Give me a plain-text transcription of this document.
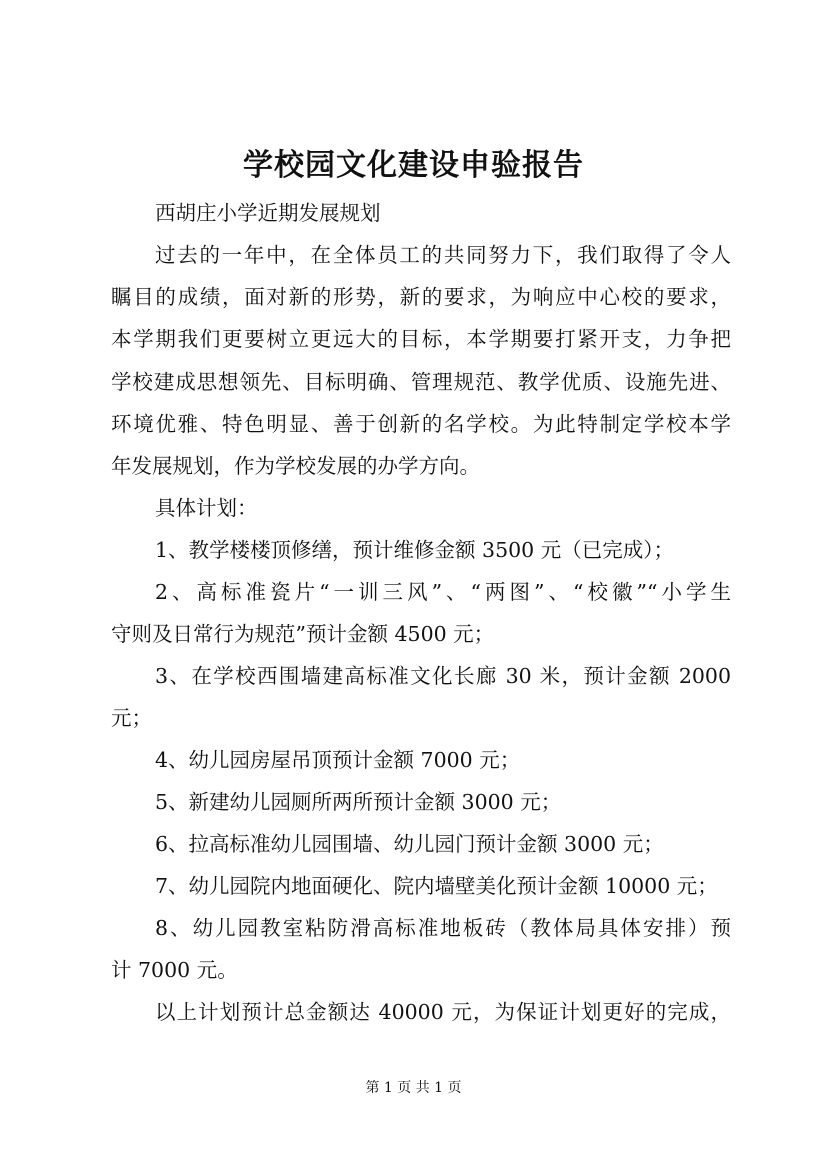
学校园文化建设申验报告
西胡庄小学近期发展规划
过去的一年中，在全体员工的共同努力下，我们取得了令人
瞩目的成绩，面对新的形势，新的要求，为响应中心校的要求，
本学期我们更要树立更远大的目标，本学期要打紧开支，力争把
学校建成思想领先、目标明确、管理规范、教学优质、设施先进、
环境优雅、特色明显、善于创新的名学校。为此特制定学校本学
年发展规划，作为学校发展的办学方向。
具体计划：
1、教学楼楼顶修缮，预计维修金额 3500 元（已完成）；
2、高标准瓷片“一训三风”、“两图”、“校徽”“小学生
守则及日常行为规范”预计金额 4500 元；
3、在学校西围墙建高标准文化长廊 30 米，预计金额 2000
元；
4、幼儿园房屋吊顶预计金额 7000 元；
5、新建幼儿园厕所两所预计金额 3000 元；
6、拉高标准幼儿园围墙、幼儿园门预计金额 3000 元；
7、幼儿园院内地面硬化、院内墙壁美化预计金额 10000 元；
8、幼儿园教室粘防滑高标准地板砖（教体局具体安排）预
计 7000 元。
以上计划预计总金额达 40000 元，为保证计划更好的完成，
第 1 页 共 1 页
